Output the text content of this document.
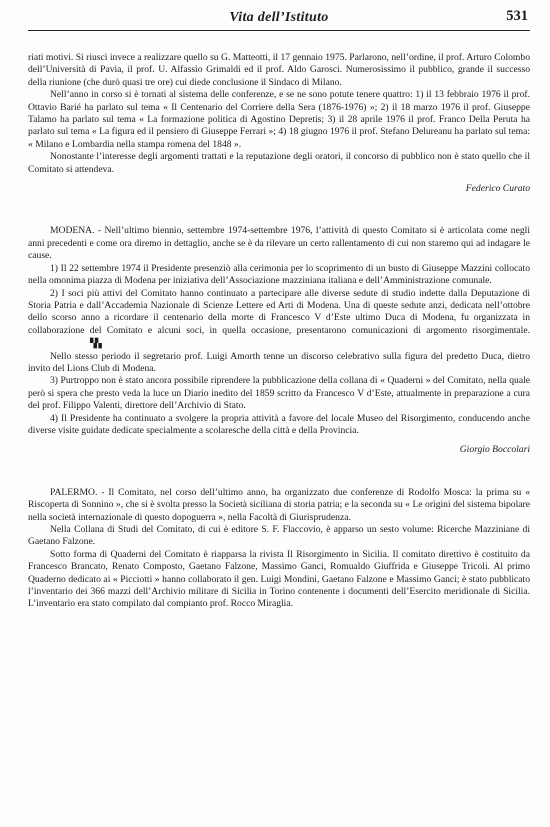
Vita dell’Istituto	531

riati motivi. Si riuscì invece a realizzare quello su G. Matteotti, il 17 gennaio 1975. Parlarono, nell’ordine, il prof. Arturo Colombo dell’Università di Pavia, il prof. U. Alfassio Grimaldi ed il prof. Aldo Garosci. Numerosissimo il pubblico, grande il successo della riunione (che durò quasi tre ore) cui diede conclusione il Sindaco di Milano.

Nell’anno in corso si è tornati al sistema delle conferenze, e se ne sono potute tenere quattro: 1) il 13 febbraio 1976 il prof. Ottavio Barié ha parlato sul tema « Il Centenario del Corriere della Sera (1876-1976) »; 2) il 18 marzo 1976 il prof. Giuseppe Talamo ha parlato sul tema « La formazione politica di Agostino Depretis; 3) il 28 aprile 1976 il prof. Franco Della Peruta ha parlato sul tema « La figura ed il pensiero di Giuseppe Ferrari »; 4) 18 giugno 1976 il prof. Stefano Delureanu ha parlato sul tema: « Milano e Lombardia nella stampa romena del 1848 ».

Nonostante l’interesse degli argomenti trattati e la reputazione degli oratori, il concorso di pubblico non è stato quello che il Comitato si attendeva.

Federico Curato

MODENA. - Nell’ultimo biennio, settembre 1974-settembre 1976, l’attività di questo Comitato si è articolata come negli anni precedenti e come ora diremo in dettaglio, anche se è da rilevare un certo rallentamento di cui non staremo qui ad indagare le cause.

1) Il 22 settembre 1974 il Presidente presenziò alla cerimonia per lo scoprimento di un busto di Giuseppe Mazzini collocato nella omonima piazza di Modena per iniziativa dell’Associazione mazziniana italiana e dell’Amministrazione comunale.

2) I soci più attivi del Comitato hanno continuato a partecipare alle diverse sedute di studio indette dalla Deputazione di Storia Patria e dall’Accademia Nazionale di Scienze Lettere ed Arti di Modena. Una di queste sedute anzi, dedicata nell’ottobre dello scorso anno a ricordare il centenario della morte di Francesco V d’Este ultimo Duca di Modena, fu organizzata in collaborazione del Comitato e alcuni soci, in quella occasione, presentarono comunicazioni di argomento risorgimentale.▚▚

Nello stesso periodo il segretario prof. Luigi Amorth tenne un discorso celebrativo sulla figura del predetto Duca, dietro invito del Lions Club di Modena.

3) Purtroppo non è stato ancora possibile riprendere la pubblicazione della collana di « Quaderni » del Comitato, nella quale però si spera che presto veda la luce un Diario inedito del 1859 scritto da Francesco V d’Este, attualmente in preparazione a cura del prof. Filippo Valenti, direttore dell’Archivio di Stato.

4) Il Presidente ha continuato a svolgere la propria attività a favore del locale Museo del Risorgimento, conducendo anche diverse visite guidate dedicate specialmente a scolaresche della città e della Provincia.

Giorgio Boccolari

PALERMO. - Il Comitato, nel corso dell’ultimo anno, ha organizzato due conferenze di Rodolfo Mosca: la prima su « Riscoperta di Sonnino », che si è svolta presso la Società siciliana di storia patria; e la seconda su « Le origini del sistema bipolare nella società internazionale di questo dopoguerra », nella Facoltà di Giurisprudenza.

Nella Collana di Studi del Comitato, di cui è editore S. F. Flaccovio, è apparso un sesto volume: Ricerche Mazziniane di Gaetano Falzone.

Sotto forma di Quaderni del Comitato è riapparsa la rivista Il Risorgimento in Sicilia. Il comitato direttivo è costituito da Francesco Brancato, Renato Composto, Gaetano Falzone, Massimo Ganci, Romualdo Giuffrida e Giuseppe Tricoli. Al primo Quaderno dedicato ai « Picciotti » hanno collaborato il gen. Luigi Mondini, Gaetano Falzone e Massimo Ganci; è stato pubblicato l’inventario dei 366 mazzi dell’Archivio militare di Sicilia in Torino contenente i documenti dell’Esercito meridionale di Sicilia. L’inventario era stato compilato dal compianto prof. Rocco Miraglia.
